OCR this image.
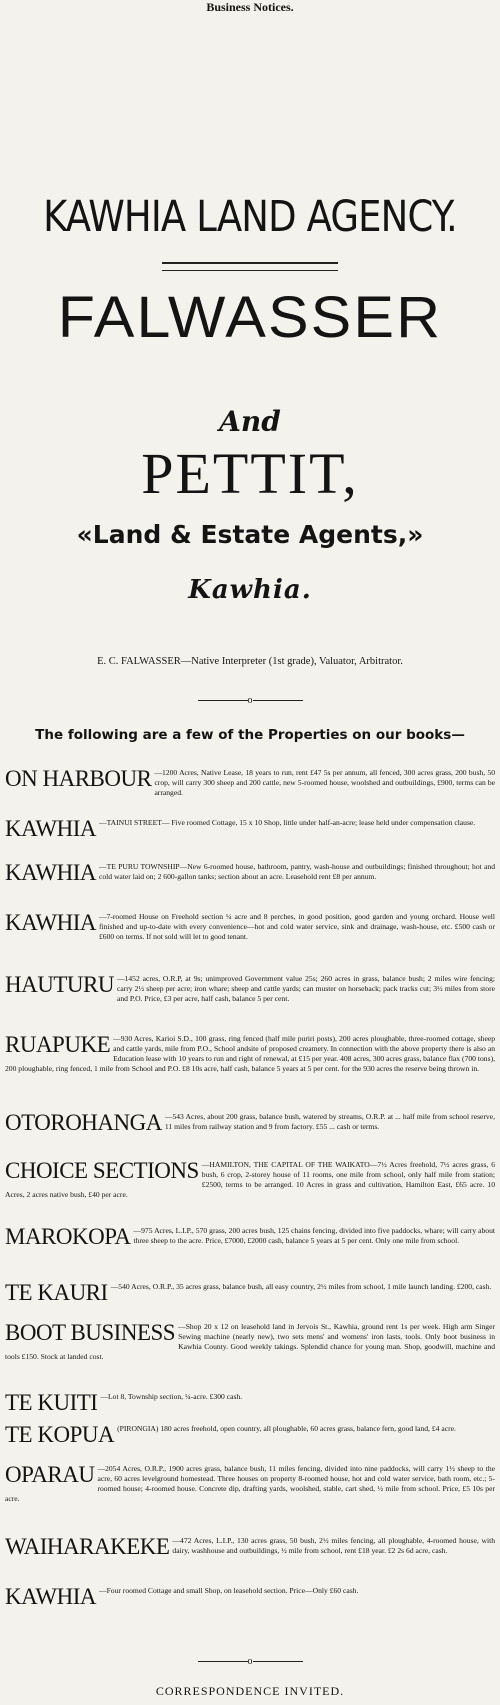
Business Notices.
KAWHIA LAND AGENCY.
FALWASSER
And
PETTIT,
«Land & Estate Agents,»
Kawhia.
E. C. FALWASSER—Native Interpreter (1st grade), Valuator, Arbitrator.
o
The following are a few of the Properties on our books—
ON HARBOUR —1200 Acres, Native Lease, 18 years to run, rent £47 5s per annum, all fenced, 300 acres grass, 200 bush, 50 crop, will carry 300 sheep and 200 cattle, new 5-roomed house, woolshed and outbuildings, £900, terms can be arranged.
KAWHIA —TAINUI STREET— Five roomed Cottage, 15 x 10 Shop, little under half-an-acre; lease held under compensation clause.
KAWHIA —TE PURU TOWNSHIP—New 6-roomed house, bathroom, pantry, wash-house and outbuildings; finished throughout; hot and cold water laid on; 2 600-gallon tanks; section about an acre. Leasehold rent £8 per annum.
KAWHIA —7-roomed House on Freehold section ¼ acre and 8 perches, in good position, good garden and young orchard. House well finished and up-to-date with every convenience—hot and cold water service, sink and drainage, wash-house, etc. £500 cash or £600 on terms. If not sold will let to good tenant.
HAUTURU —1452 acres, O.R.P, at 9s; unimproved Government value 25s; 260 acres in grass, balance bush; 2 miles wire fencing; carry 2½ sheep per acre; iron whare; sheep and cattle yards; can muster on horseback; pack tracks cut; 3½ miles from store and P.O. Price, £3 per acre, half cash, balance 5 per cent.
RUAPUKE —930 Acres, Karioi S.D., 100 grass, ring fenced (half mile puriri posts), 200 acres ploughable, three-roomed cottage, sheep and cattle yards, mile from P.O., School andsite of proposed creamery. In connection with the above property there is also an Education lease with 10 years to run and right of renewal, at £15 per year. 408 acres, 300 acres grass, balance flax (700 tons), 200 ploughable, ring fenced, 1 mile from School and P.O. £8 10s acre, half cash, balance 5 years at 5 per cent. for the 930 acres the reserve being thrown in.
OTOROHANGA —543 Acres, about 200 grass, balance bush, watered by streams, O.R.P. at ... half mile from school reserve, 11 miles from railway station and 9 from factory. £55 ... cash or terms.
CHOICE SECTIONS —HAMILTON, THE CAPITAL OF THE WAIKATO—7½ Acres freehold, 7½ acres grass, 6 bush, 6 crop, 2-storey house of 11 rooms, one mile from school, only half mile from station; £2500, terms to be arranged. 10 Acres in grass and cultivation, Hamilton East, £65 acre. 10 Acres, 2 acres native bush, £40 per acre.
MAROKOPA —975 Acres, L.I.P., 570 grass, 200 acres bush, 125 chains fencing, divided into five paddocks, whare; will carry about three sheep to the acre. Price, £7000, £2000 cash, balance 5 years at 5 per cent. Only one mile from school.
TE KAURI —540 Acres, O.R.P., 35 acres grass, balance bush, all easy country, 2½ miles from school, 1 mile launch landing. £200, cash.
BOOT BUSINESS —Shop 20 x 12 on leasehold land in Jervois St., Kawhia, ground rent 1s per week. High arm Singer Sewing machine (nearly new), two sets mens' and womens' iron lasts, tools. Only boot business in Kawhia County. Good weekly takings. Splendid chance for young man. Shop, goodwill, machine and tools £150. Stock at landed cost.
TE KUITI —Lot 8, Township section, ¼-acre. £300 cash.
TE KOPUA (PIRONGIA) 180 acres freehold, open country, all ploughable, 60 acres grass, balance fern, good land, £4 acre.
OPARAU —2054 Acres, O.R.P., 1900 acres grass, balance bush, 11 miles fencing, divided into nine paddocks, will carry 1½ sheep to the acre, 60 acres levelground homestead. Three houses on property 8-roomed house, hot and cold water service, bath room, etc.; 5-roomed house; 4-roomed house. Concrete dip, drafting yards, woolshed, stable, cart shed, ½ mile from school. Price, £5 10s per acre.
WAIHARAKEKE —472 Acres, L.I.P., 130 acres grass, 50 bush, 2½ miles fencing, all ploughable, 4-roomed house, with dairy, washhouse and outbuildings, ½ mile from school, rent £18 year. £2 2s 6d acre, cash.
KAWHIA —Four roomed Cottage and small Shop, on leasehold section. Price—Only £60 cash.
o
CORRESPONDENCE INVITED.
